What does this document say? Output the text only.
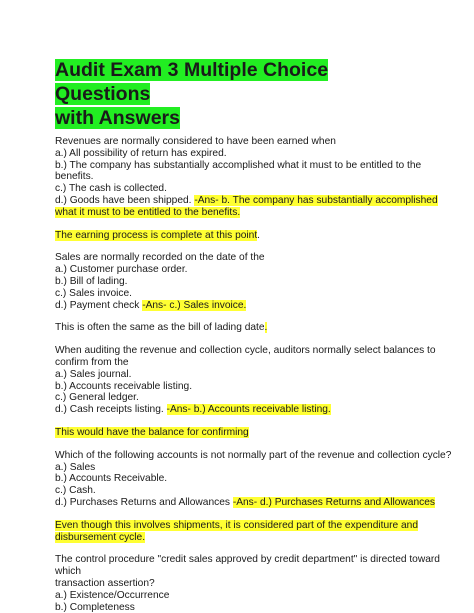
Audit Exam 3 Multiple Choice Questions
with Answers
Revenues are normally considered to have been earned when
a.) All possibility of return has expired.
b.) The company has substantially accomplished what it must to be entitled to the
benefits.
c.) The cash is collected.
d.) Goods have been shipped. -Ans- b. The company has substantially accomplished
what it must to be entitled to the benefits.
The earning process is complete at this point.
Sales are normally recorded on the date of the
a.) Customer purchase order.
b.) Bill of lading.
c.) Sales invoice.
d.) Payment check -Ans- c.) Sales invoice.
This is often the same as the bill of lading date.
When auditing the revenue and collection cycle, auditors normally select balances to
confirm from the
a.) Sales journal.
b.) Accounts receivable listing.
c.) General ledger.
d.) Cash receipts listing. -Ans- b.) Accounts receivable listing.
This would have the balance for confirming
Which of the following accounts is not normally part of the revenue and collection cycle?
a.) Sales
b.) Accounts Receivable.
c.) Cash.
d.) Purchases Returns and Allowances -Ans- d.) Purchases Returns and Allowances
Even though this involves shipments, it is considered part of the expenditure and
disbursement cycle.
The control procedure "credit sales approved by credit department" is directed toward
which
transaction assertion?
a.) Existence/Occurrence
b.) Completeness
